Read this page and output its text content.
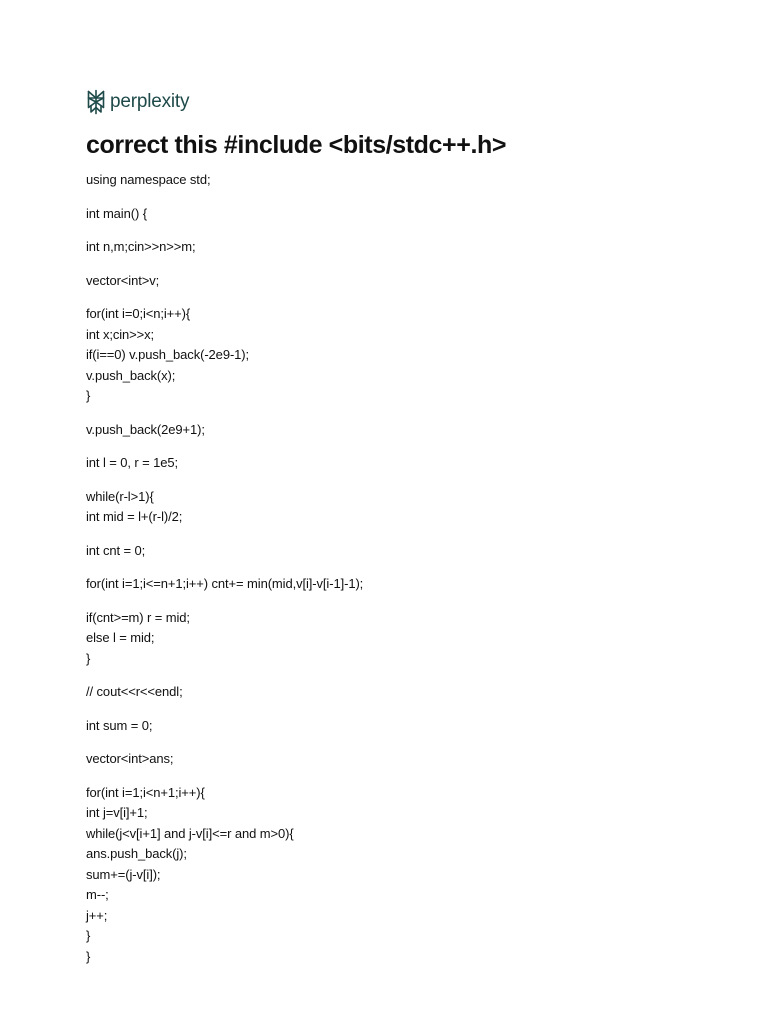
perplexity
correct this #include <bits/stdc++.h>
using namespace std;
int main() {
int n,m;cin>>n>>m;
vector<int>v;
for(int i=0;i<n;i++){
int x;cin>>x;
if(i==0) v.push_back(-2e9-1);
v.push_back(x);
}
v.push_back(2e9+1);
int l = 0, r = 1e5;
while(r-l>1){
int mid = l+(r-l)/2;
int cnt = 0;
for(int i=1;i<=n+1;i++) cnt+= min(mid,v[i]-v[i-1]-1);
if(cnt>=m) r = mid;
else l = mid;
}
// cout<<r<<endl;
int sum = 0;
vector<int>ans;
for(int i=1;i<n+1;i++){
int j=v[i]+1;
while(j<v[i+1] and j-v[i]<=r and m>0){
ans.push_back(j);
sum+=(j-v[i]);
m--;
j++;
}
}
